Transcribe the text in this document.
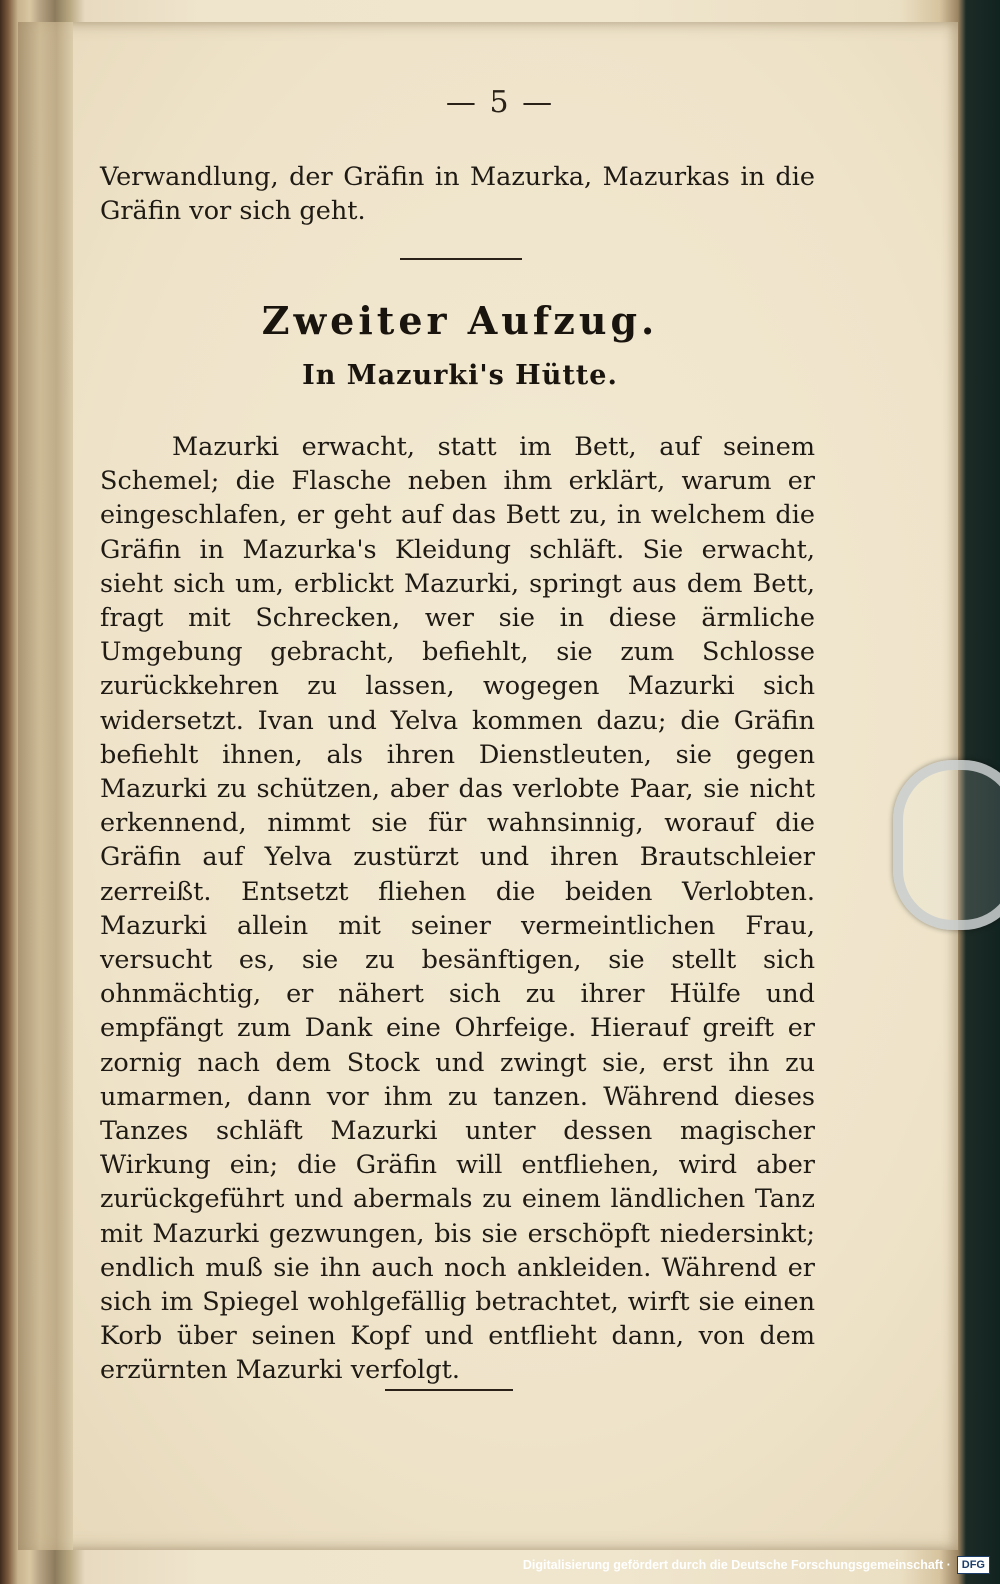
— 5 —

Verwandlung, der Gräfin in Mazurka, Mazurkas in die Gräfin vor sich geht.

Zweiter Aufzug.
In Mazurki's Hütte.

Mazurki erwacht, statt im Bett, auf seinem Schemel; die Flasche neben ihm erklärt, warum er eingeschlafen, er geht auf das Bett zu, in welchem die Gräfin in Mazurka's Kleidung schläft. Sie erwacht, sieht sich um, erblickt Mazurki, springt aus dem Bett, fragt mit Schrecken, wer sie in diese ärmliche Umgebung gebracht, befiehlt, sie zum Schlosse zurückkehren zu lassen, wogegen Mazurki sich widersetzt. Ivan und Yelva kommen dazu; die Gräfin befiehlt ihnen, als ihren Dienstleuten, sie gegen Mazurki zu schützen, aber das verlobte Paar, sie nicht erkennend, nimmt sie für wahnsinnig, worauf die Gräfin auf Yelva zustürzt und ihren Brautschleier zerreißt. Entsetzt fliehen die beiden Verlobten. Mazurki allein mit seiner vermeintlichen Frau, versucht es, sie zu besänftigen, sie stellt sich ohnmächtig, er nähert sich zu ihrer Hülfe und empfängt zum Dank eine Ohrfeige. Hierauf greift er zornig nach dem Stock und zwingt sie, erst ihn zu umarmen, dann vor ihm zu tanzen. Während dieses Tanzes schläft Mazurki unter dessen magischer Wirkung ein; die Gräfin will entfliehen, wird aber zurückgeführt und abermals zu einem ländlichen Tanz mit Mazurki gezwungen, bis sie erschöpft niedersinkt; endlich muß sie ihn auch noch ankleiden. Während er sich im Spiegel wohlgefällig betrachtet, wirft sie einen Korb über seinen Kopf und entflieht dann, von dem erzürnten Mazurki verfolgt.

Digitalisierung gefördert durch die Deutsche Forschungsgemeinschaft ·	DFG
